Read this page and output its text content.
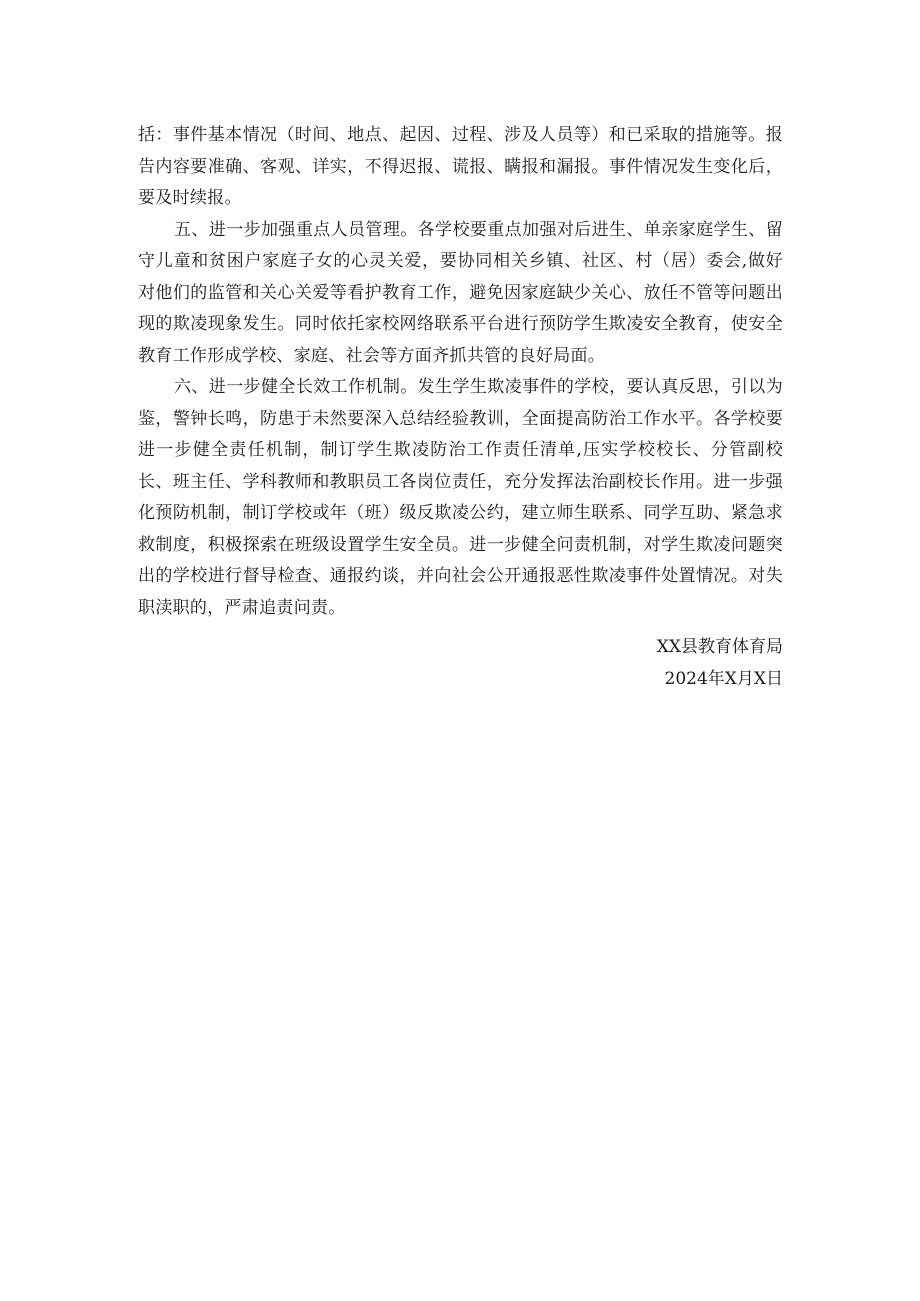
括：事件基本情况（时间、地点、起因、过程、涉及人员等）和已采取的措施等。报告内容要准确、客观、详实，不得迟报、谎报、瞒报和漏报。事件情况发生变化后，要及时续报。

五、进一步加强重点人员管理。各学校要重点加强对后进生、单亲家庭学生、留守儿童和贫困户家庭子女的心灵关爱，要协同相关乡镇、社区、村（居）委会,做好对他们的监管和关心关爱等看护教育工作，避免因家庭缺少关心、放任不管等问题出现的欺凌现象发生。同时依托家校网络联系平台进行预防学生欺凌安全教育，使安全教育工作形成学校、家庭、社会等方面齐抓共管的良好局面。

六、进一步健全长效工作机制。发生学生欺凌事件的学校，要认真反思，引以为鉴，警钟长鸣，防患于未然要深入总结经验教训，全面提高防治工作水平。各学校要进一步健全责任机制，制订学生欺凌防治工作责任清单,压实学校校长、分管副校长、班主任、学科教师和教职员工各岗位责任，充分发挥法治副校长作用。进一步强化预防机制，制订学校或年（班）级反欺凌公约，建立师生联系、同学互助、紧急求救制度，积极探索在班级设置学生安全员。进一步健全问责机制，对学生欺凌问题突出的学校进行督导检查、通报约谈，并向社会公开通报恶性欺凌事件处置情况。对失职渎职的，严肃追责问责。

XX县教育体育局
2024年X月X日
